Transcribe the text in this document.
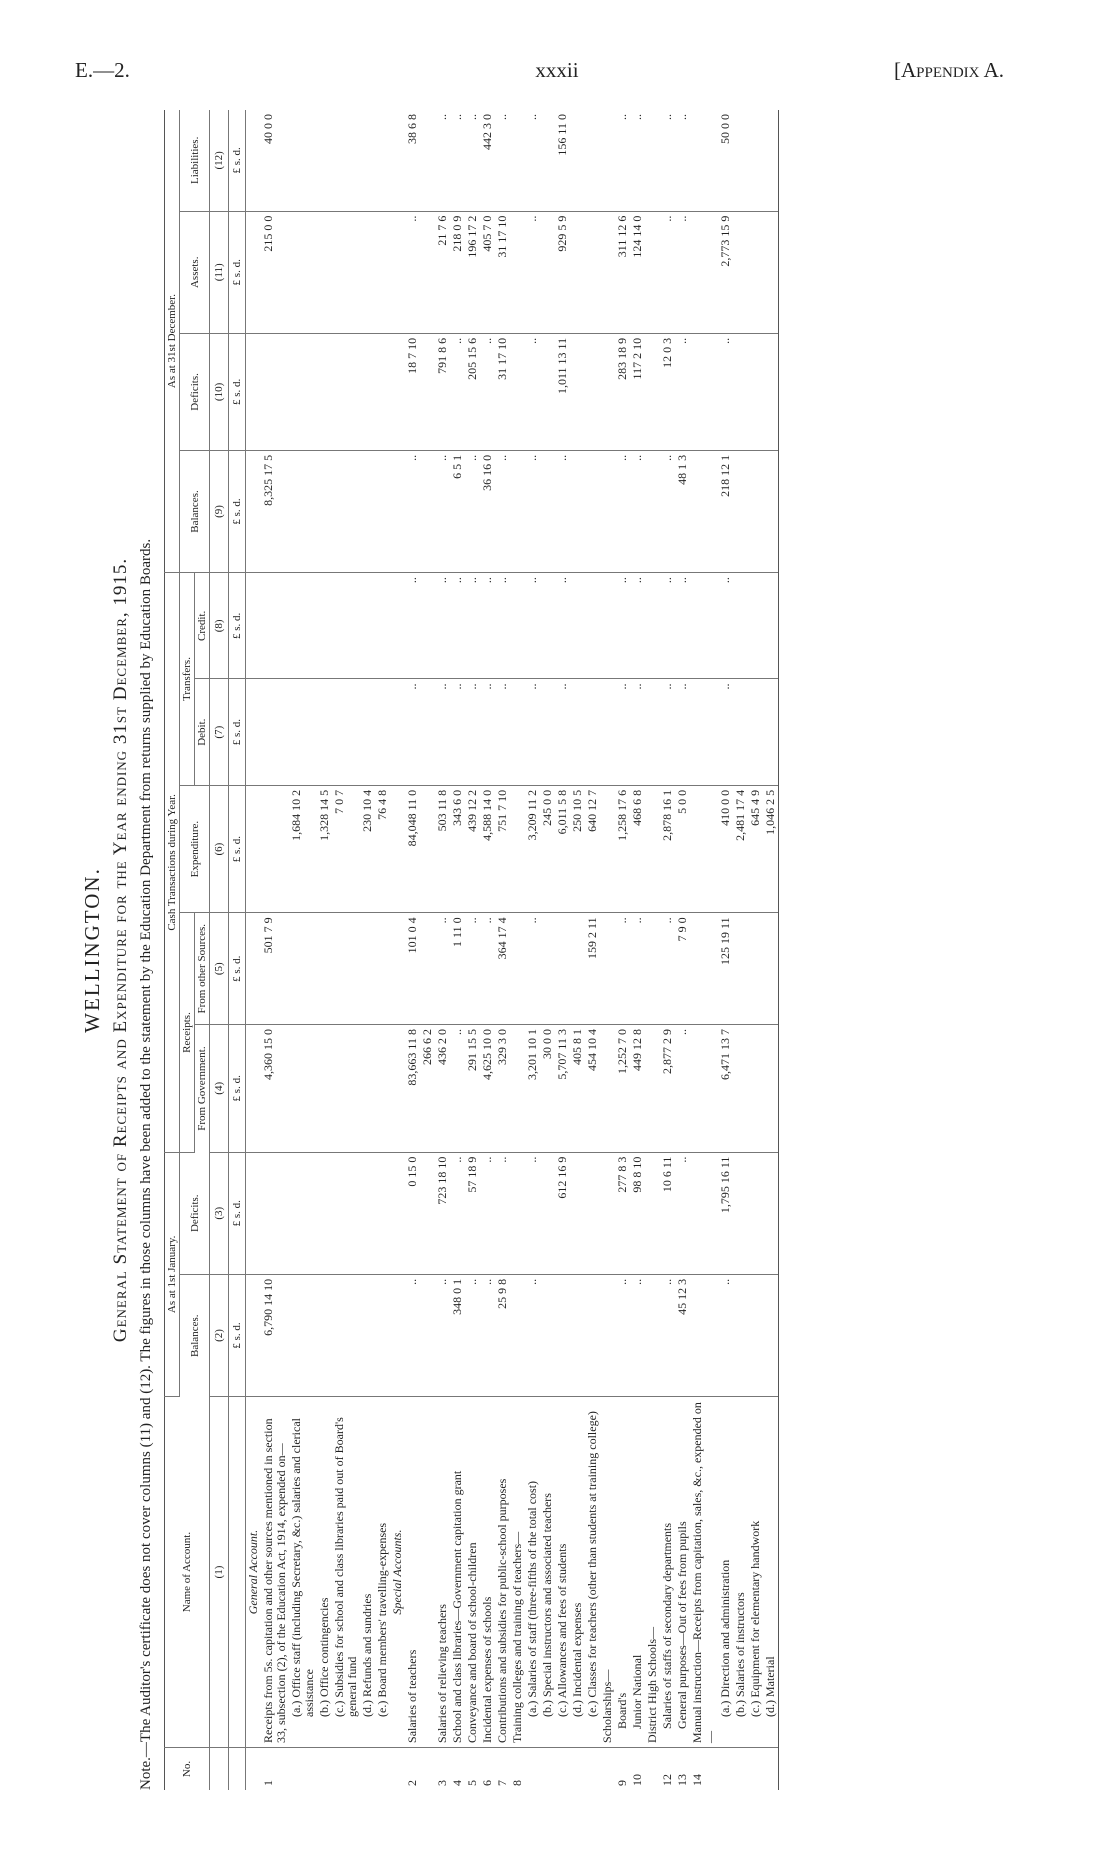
E.—2.	xxxii	[Appendix A.
WELLINGTON. General Statement of Receipts and Expenditure for the Year ending 31st December, 1915. Note.—The Auditor's certificate does not cover columns (11) and (12). The figures in those columns have been added to the statement by the Education Department from returns supplied by Education Boards.	No.	Name of Account.	As at 1st January.		Cash Transactions during Year.					As at 31st December.			
		Balances.	Deficits.	Receipts.		Expenditure.	Transfers.		Balances.	Deficits.	Assets.	Liabilities.
				From Government.	From other Sources.		Debit.	Credit.				
	(1)	(2)	(3)	(4)	(5)	(6)	(7)	(8)	(9)	(10)	(11)	(12)
		£ s. d.	£ s. d.	£ s. d.	£ s. d.	£ s. d.	£ s. d.	£ s. d.	£ s. d.	£ s. d.	£ s. d.	£ s. d.
	General Account.											
1	Receipts from 5s. capitation and other sources mentioned in section 33, subsection (2), of the Education Act, 1914, expended on—	6,790 14 10		4,360 15 0	501 7 9				8,325 17 5		215 0 0	40 0 0
	(a.) Office staff (including Secretary, &c.) salaries and clerical assistance					1,684 10 2						
	(b.) Office contingencies					1,328 14 5						
	(c.) Subsidies for school and class libraries paid out of Board's general fund					7 0 7						
	(d.) Refunds and sundries					230 10 4						
	(e.) Board members' travelling-expenses					76 4 8						
	Special Accounts.											
2	Salaries of teachers	..	0 15 0	83,663 11 8	101 0 4	84,048 11 0	..	..	..	18 7 10	..	38 6 8
				266 6 2								
3	Salaries of relieving teachers	..	723 18 10	436 2 0	..	503 11 8	..	..	..	791 8 6	21 7 6	..
4	School and class libraries—Government capitation grant	348 0 1	..	..	1 11 0	343 6 0	..	..	6 5 1	..	218 0 9	..
5	Conveyance and board of school-children	..	57 18 9	291 15 5	..	439 12 2	..	..	..	205 15 6	196 17 2	..
6	Incidental expenses of schools	..	..	4,625 10 0	..	4,588 14 0	..	..	36 16 0	..	405 7 0	442 3 0
7	Contributions and subsidies for public-school purposes	25 9 8	..	329 3 0	364 17 4	751 7 10	..	..	..	31 17 10	31 17 10	..
8	Training colleges and training of teachers—											
	(a.) Salaries of staff (three-fifths of the total cost)	..	..	3,201 10 1	..	3,209 11 2	..	..	..	..	..	..
	(b.) Special instructors and associated teachers			30 0 0		245 0 0						
	(c.) Allowances and fees of students		612 16 9	5,707 11 3		6,011 5 8	..	..	..	1,011 13 11	929 5 9	156 11 0
	(d.) Incidental expenses			405 8 1		250 10 5						
	(e.) Classes for teachers (other than students at training college)			454 10 4	159 2 11	640 12 7						
	Scholarships—											
9	Board's	..	277 8 3	1,252 7 0	..	1,258 17 6	..	..	..	283 18 9	311 12 6	..
10	Junior National	..	98 8 10	449 12 8	..	468 6 8	..	..	..	117 2 10	124 14 0	..
	District High Schools—											
12	Salaries of staffs of secondary departments	..	10 6 11	2,877 2 9	..	2,878 16 1	..	..	..	12 0 3	..	..
13	General purposes—Out of fees from pupils	45 12 3	..	..	7 9 0	5 0 0	..	..	48 1 3	..	..	..
14	Manual instruction—Receipts from capitation, sales, &c., expended on—											
	(a.) Direction and administration	..	1,795 16 11	6,471 13 7	125 19 11	410 0 0	..	..	218 12 1	..	2,773 15 9	50 0 0
	(b.) Salaries of instructors					2,481 17 4						
	(c.) Equipment for elementary handwork					645 4 9						
	(d.) Material					1,046 2 5						
